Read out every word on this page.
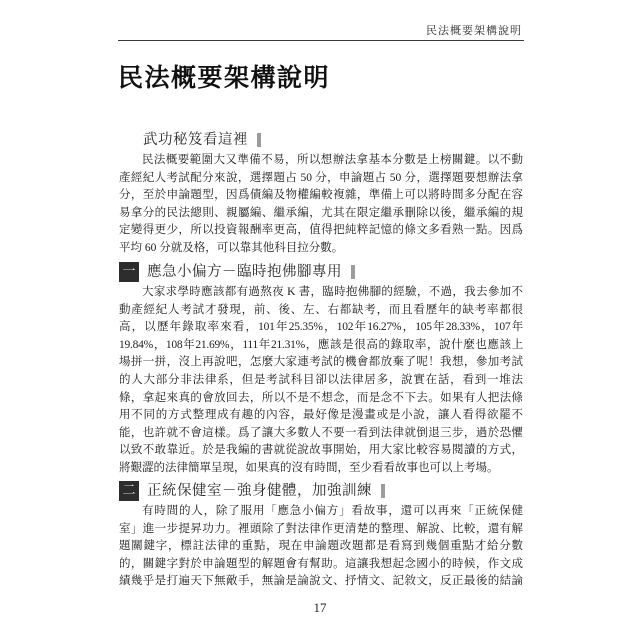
民法概要架構說明
民法概要架構說明
武功秘笈看這裡
民法概要範圍大又準備不易，所以想辦法拿基本分數是上榜關鍵。以不動
產經紀人考試配分來說，選擇題占 50 分，申論題占 50 分，選擇題要想辦法拿
分，至於申論題型，因爲債編及物權編較複雜，準備上可以將時間多分配在容
易拿分的民法總則、親屬編、繼承編，尤其在限定繼承刪除以後，繼承編的規
定變得更少，所以投資報酬率更高，值得把純粹記憶的條文多看熟一點。因爲
平均 60 分就及格，可以靠其他科目拉分數。
一 應急小偏方－臨時抱佛腳專用
大家求學時應該都有過熬夜 K 書，臨時抱佛腳的經驗，不過，我去參加不
動產經紀人考試才發現，前、後、左、右都缺考，而且看歷年的缺考率都很
高，以歷年錄取率來看，101年25.35%，102年16.27%，105年28.33%，107年
19.84%，108年21.69%，111年21.31%，應該是很高的錄取率，說什麼也應該上
場拼一拼，沒上再說吧，怎麼大家連考試的機會都放棄了呢！我想，參加考試
的人大部分非法律系，但是考試科目卻以法律居多，說實在話，看到一堆法
條，拿起來真的會放回去，所以不是不想念，而是念不下去。如果有人把法條
用不同的方式整理成有趣的內容，最好像是漫畫或是小說，讓人看得欲罷不
能，也許就不會這樣。爲了讓大多數人不要一看到法律就倒退三步，過於恐懼
以致不敢靠近。於是我編的書就從說故事開始，用大家比較容易閱讀的方式，
將艱澀的法律簡單呈現，如果真的沒有時間，至少看看故事也可以上考場。
二 正統保健室－強身健體，加強訓練
有時間的人，除了服用「應急小偏方」看故事，還可以再來「正統保健
室」進一步提昇功力。裡頭除了對法律作更清楚的整理、解說、比較，還有解
題關鍵字，標註法律的重點，現在申論題改題都是看寫到幾個重點才給分數
的，關鍵字對於申論題型的解題會有幫助。這讓我想起念國小的時候，作文成
績幾乎是打遍天下無敵手，無論是論說文、抒情文、記敘文，反正最後的結論
17
